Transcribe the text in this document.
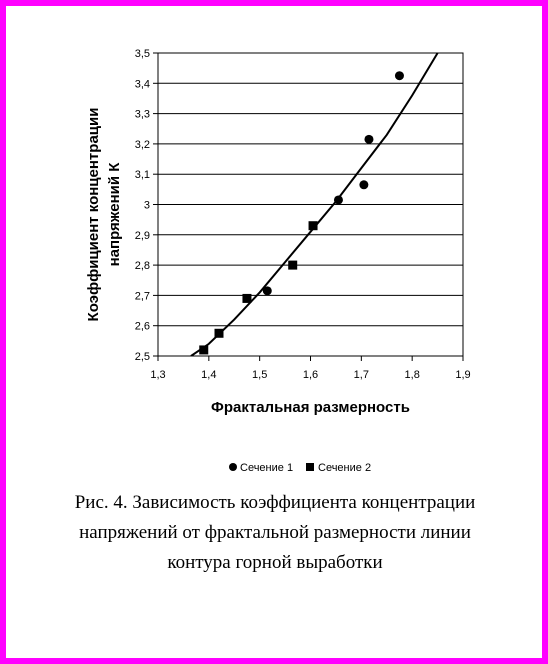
1,3	1,4	1,5	1,6	1,7	1,8	1,9
2,5
2,6
2,7
2,8
2,9
3
3,1
3,2
3,3
3,4
3,5
Фрактальная размерность
Коэффициент концентрации напряжений К
Сечение 1 Сечение 2
Рис. 4. Зависимость коэффициента концентрации
напряжений от фрактальной размерности линии
контура горной выработки
